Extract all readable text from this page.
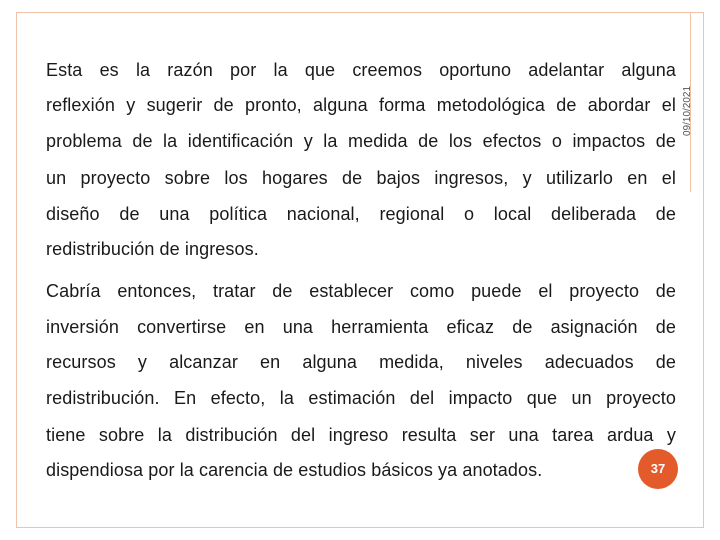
09/10/2021
Esta es la razón por la que creemos oportuno adelantar alguna
reflexión y sugerir de pronto, alguna forma metodológica de abordar el
problema de la identificación y la medida de los efectos o impactos de
un proyecto sobre los hogares de bajos ingresos, y utilizarlo en el
diseño de una política nacional, regional o local deliberada de
redistribución de ingresos.
Cabría entonces, tratar de establecer como puede el proyecto de
inversión convertirse en una herramienta eficaz de asignación de
recursos y alcanzar en alguna medida, niveles adecuados de
redistribución. En efecto, la estimación del impacto que un proyecto
tiene sobre la distribución del ingreso resulta ser una tarea ardua y
dispendiosa por la carencia de estudios básicos ya anotados.	37
